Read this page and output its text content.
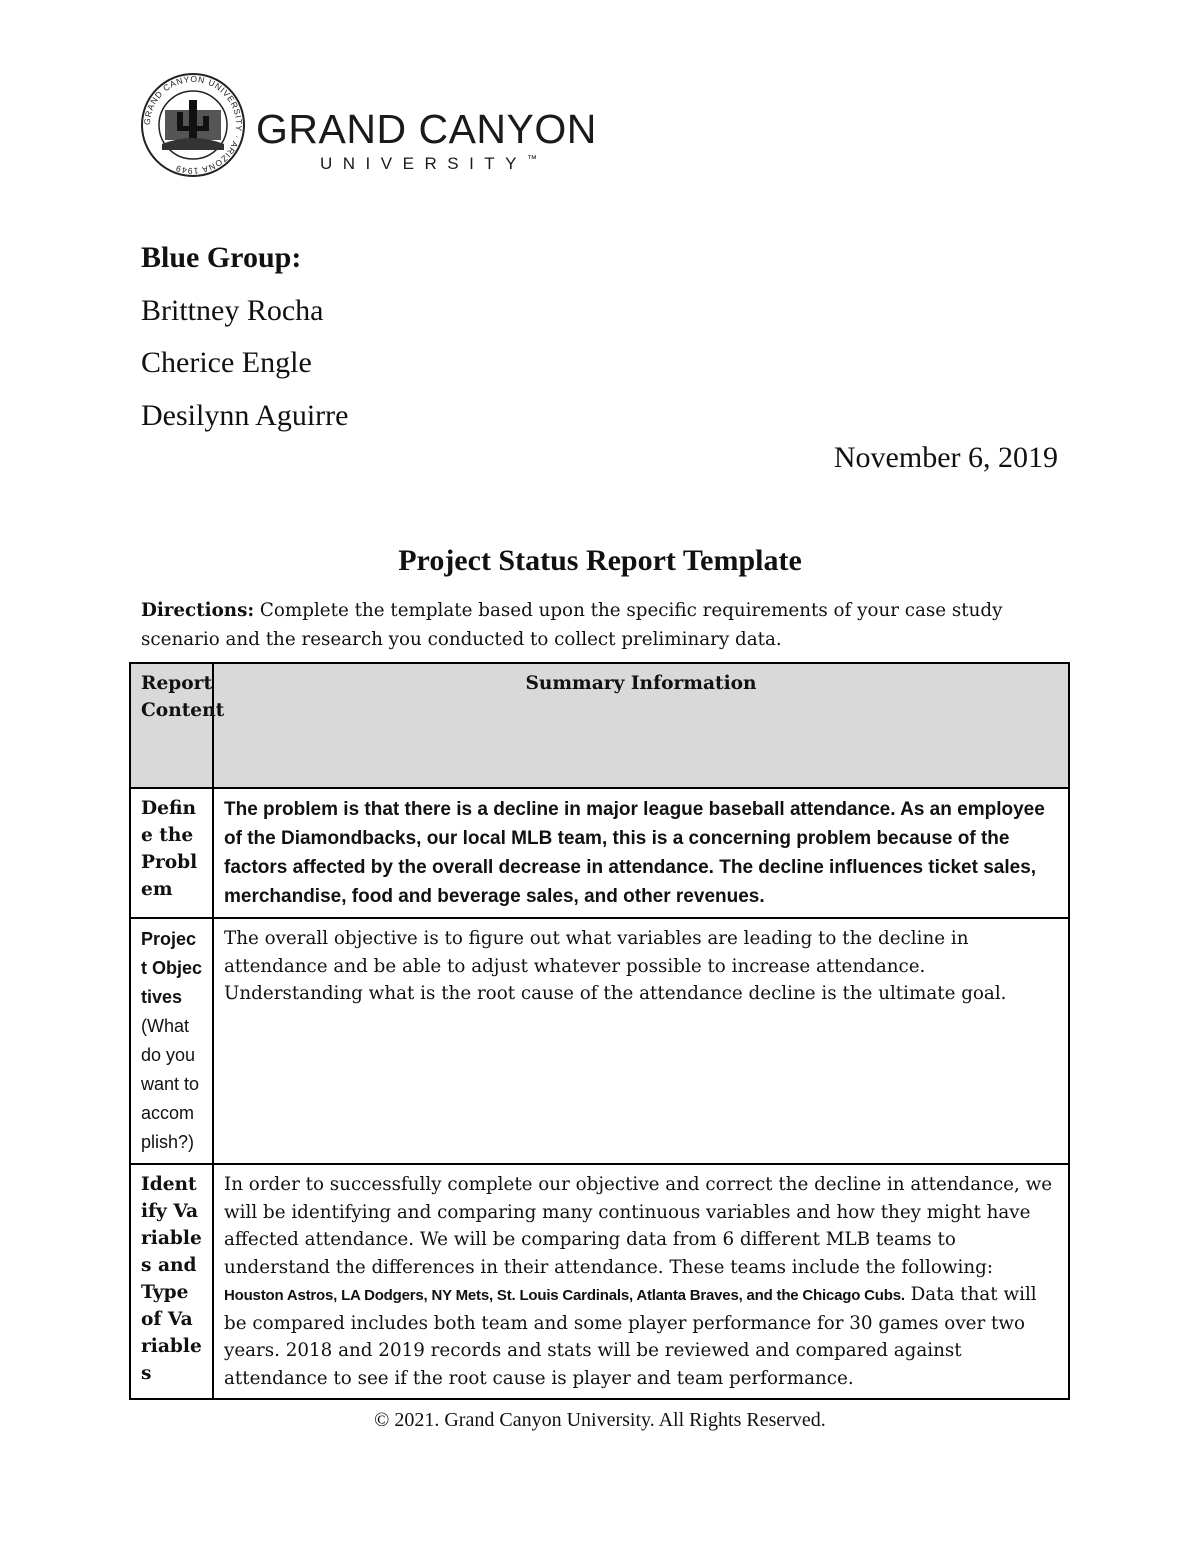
GRAND CANYON UNIVERSITY · ARIZONA 1949
GRAND CANYON
UNIVERSITY™
Blue Group:
Brittney Rocha
Cherice Engle
Desilynn Aguirre
November 6, 2019
Project Status Report Template
Directions: Complete the template based upon the specific requirements of your case study scenario and the research you conducted to collect preliminary data.
Report Content	Summary Information
Define the Problem	The problem is that there is a decline in major league baseball attendance. As an employee of the Diamondbacks, our local MLB team, this is a concerning problem because of the factors affected by the overall decrease in attendance. The decline influences ticket sales, merchandise, food and beverage sales, and other revenues.
Project Objectives (What do you want to accomplish?)	The overall objective is to figure out what variables are leading to the decline in attendance and be able to adjust whatever possible to increase attendance. Understanding what is the root cause of the attendance decline is the ultimate goal.
Identify Variables and Type of Variables	In order to successfully complete our objective and correct the decline in attendance, we will be identifying and comparing many continuous variables and how they might have affected attendance. We will be comparing data from 6 different MLB teams to understand the differences in their attendance. These teams include the following: Houston Astros, LA Dodgers, NY Mets, St. Louis Cardinals, Atlanta Braves, and the Chicago Cubs. Data that will be compared includes both team and some player performance for 30 games over two years. 2018 and 2019 records and stats will be reviewed and compared against attendance to see if the root cause is player and team performance.
© 2021. Grand Canyon University. All Rights Reserved.
